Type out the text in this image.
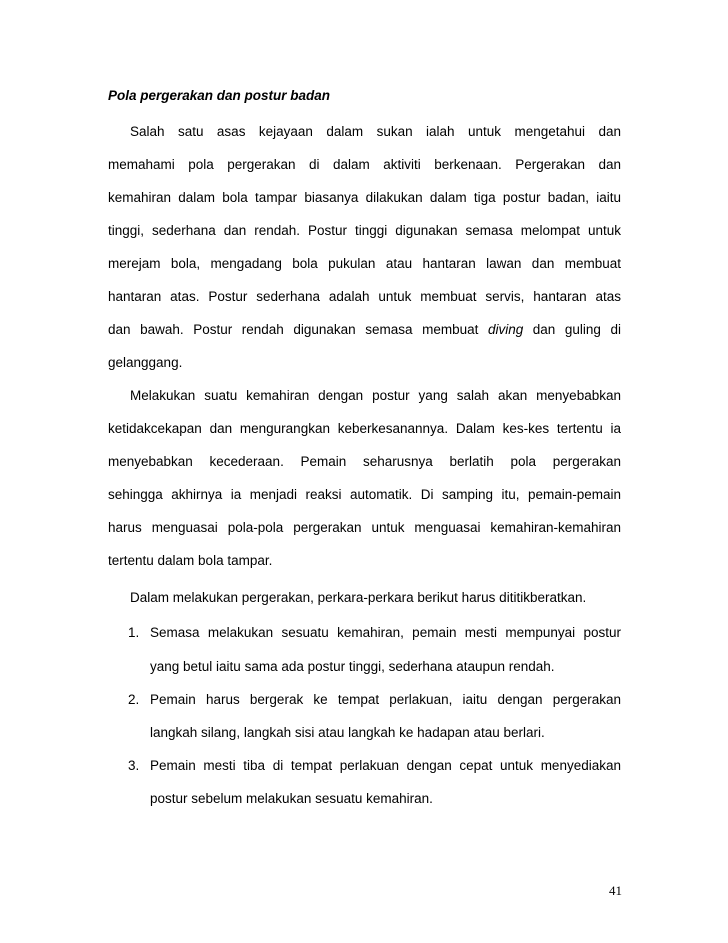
Pola pergerakan dan postur badan
Salah satu asas kejayaan dalam sukan ialah untuk mengetahui dan
memahami pola pergerakan di dalam aktiviti berkenaan. Pergerakan dan
kemahiran dalam bola tampar biasanya dilakukan dalam tiga postur badan, iaitu
tinggi, sederhana dan rendah. Postur tinggi digunakan semasa melompat untuk
merejam bola, mengadang bola pukulan atau hantaran lawan dan membuat
hantaran atas. Postur sederhana adalah untuk membuat servis, hantaran atas
dan bawah. Postur rendah digunakan semasa membuat diving dan guling di
gelanggang.
Melakukan suatu kemahiran dengan postur yang salah akan menyebabkan
ketidakcekapan dan mengurangkan keberkesanannya. Dalam kes-kes tertentu ia
menyebabkan kecederaan. Pemain seharusnya berlatih pola pergerakan
sehingga akhirnya ia menjadi reaksi automatik. Di samping itu, pemain-pemain
harus menguasai pola-pola pergerakan untuk menguasai kemahiran-kemahiran
tertentu dalam bola tampar.
Dalam melakukan pergerakan, perkara-perkara berikut harus dititikberatkan.
1. Semasa melakukan sesuatu kemahiran, pemain mesti mempunyai postur
yang betul iaitu sama ada postur tinggi, sederhana ataupun rendah.
2. Pemain harus bergerak ke tempat perlakuan, iaitu dengan pergerakan
langkah silang, langkah sisi atau langkah ke hadapan atau berlari.
3. Pemain mesti tiba di tempat perlakuan dengan cepat untuk menyediakan
postur sebelum melakukan sesuatu kemahiran.
41
